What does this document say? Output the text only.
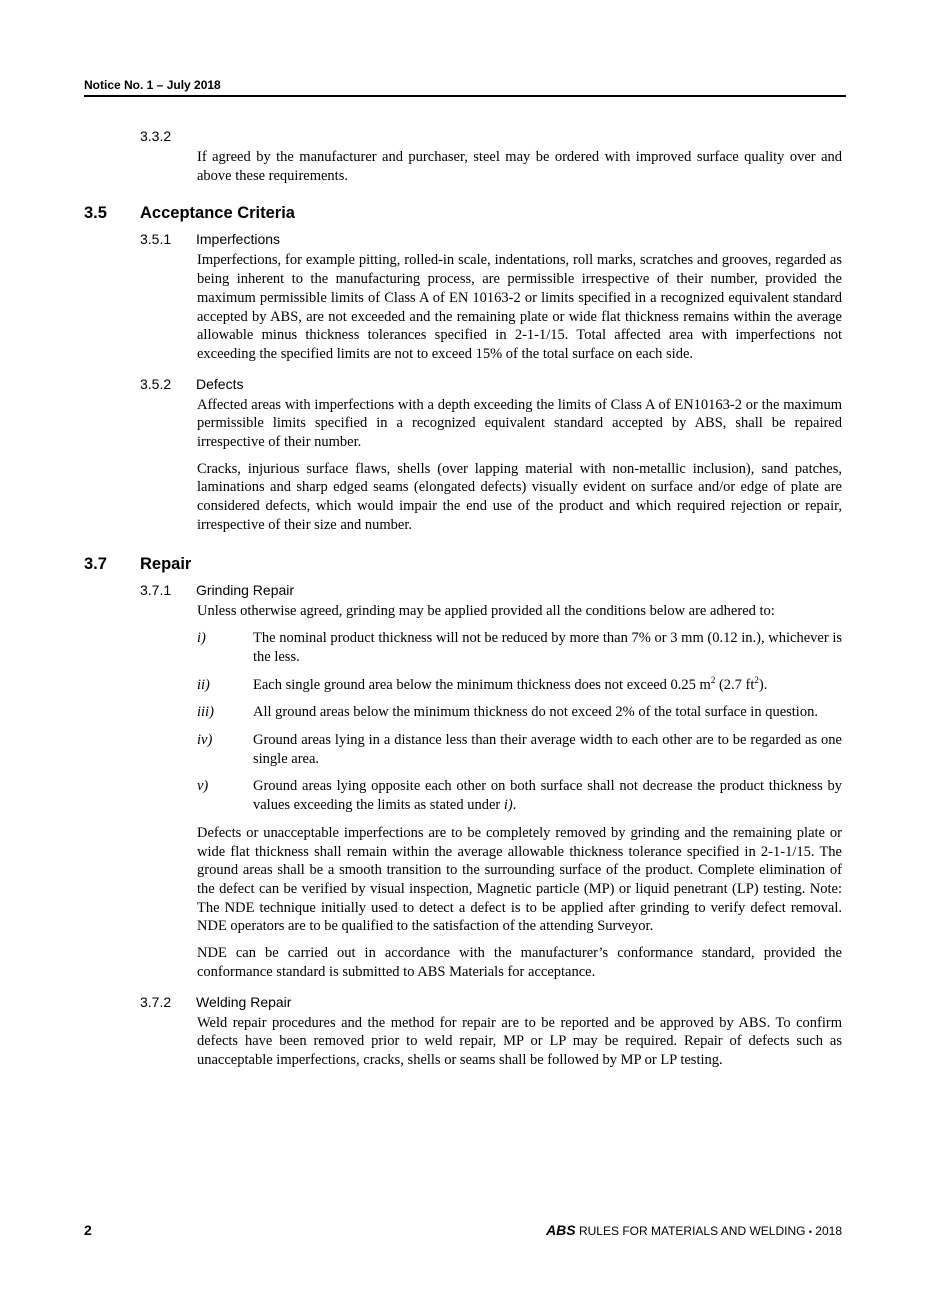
Notice No. 1 – July 2018
3.3.2
If agreed by the manufacturer and purchaser, steel may be ordered with improved surface quality over and above these requirements.
3.5	Acceptance Criteria
3.5.1	Imperfections
Imperfections, for example pitting, rolled-in scale, indentations, roll marks, scratches and grooves, regarded as being inherent to the manufacturing process, are permissible irrespective of their number, provided the maximum permissible limits of Class A of EN 10163-2 or limits specified in a recognized equivalent standard accepted by ABS, are not exceeded and the remaining plate or wide flat thickness remains within the average allowable minus thickness tolerances specified in 2-1-1/15. Total affected area with imperfections not exceeding the specified limits are not to exceed 15% of the total surface on each side.
3.5.2	Defects
Affected areas with imperfections with a depth exceeding the limits of Class A of EN10163-2 or the maximum permissible limits specified in a recognized equivalent standard accepted by ABS, shall be repaired irrespective of their number.
Cracks, injurious surface flaws, shells (over lapping material with non-metallic inclusion), sand patches, laminations and sharp edged seams (elongated defects) visually evident on surface and/or edge of plate are considered defects, which would impair the end use of the product and which required rejection or repair, irrespective of their size and number.
3.7	Repair
3.7.1	Grinding Repair
Unless otherwise agreed, grinding may be applied provided all the conditions below are adhered to:
i)	The nominal product thickness will not be reduced by more than 7% or 3 mm (0.12 in.), whichever is the less.
ii)	Each single ground area below the minimum thickness does not exceed 0.25 $m^2$ (2.7 $ft^2$).
iii)	All ground areas below the minimum thickness do not exceed 2% of the total surface in question.
iv)	Ground areas lying in a distance less than their average width to each other are to be regarded as one single area.
v)	Ground areas lying opposite each other on both surface shall not decrease the product thickness by values exceeding the limits as stated under i).
Defects or unacceptable imperfections are to be completely removed by grinding and the remaining plate or wide flat thickness shall remain within the average allowable thickness tolerance specified in 2-1-1/15. The ground areas shall be a smooth transition to the surrounding surface of the product. Complete elimination of the defect can be verified by visual inspection, Magnetic particle (MP) or liquid penetrant (LP) testing. Note: The NDE technique initially used to detect a defect is to be applied after grinding to verify defect removal. NDE operators are to be qualified to the satisfaction of the attending Surveyor.
NDE can be carried out in accordance with the manufacturer’s conformance standard, provided the conformance standard is submitted to ABS Materials for acceptance.
3.7.2	Welding Repair
Weld repair procedures and the method for repair are to be reported and be approved by ABS. To confirm defects have been removed prior to weld repair, MP or LP may be required. Repair of defects such as unacceptable imperfections, cracks, shells or seams shall be followed by MP or LP testing.
2	ABS RULES FOR MATERIALS AND WELDING • 2018
